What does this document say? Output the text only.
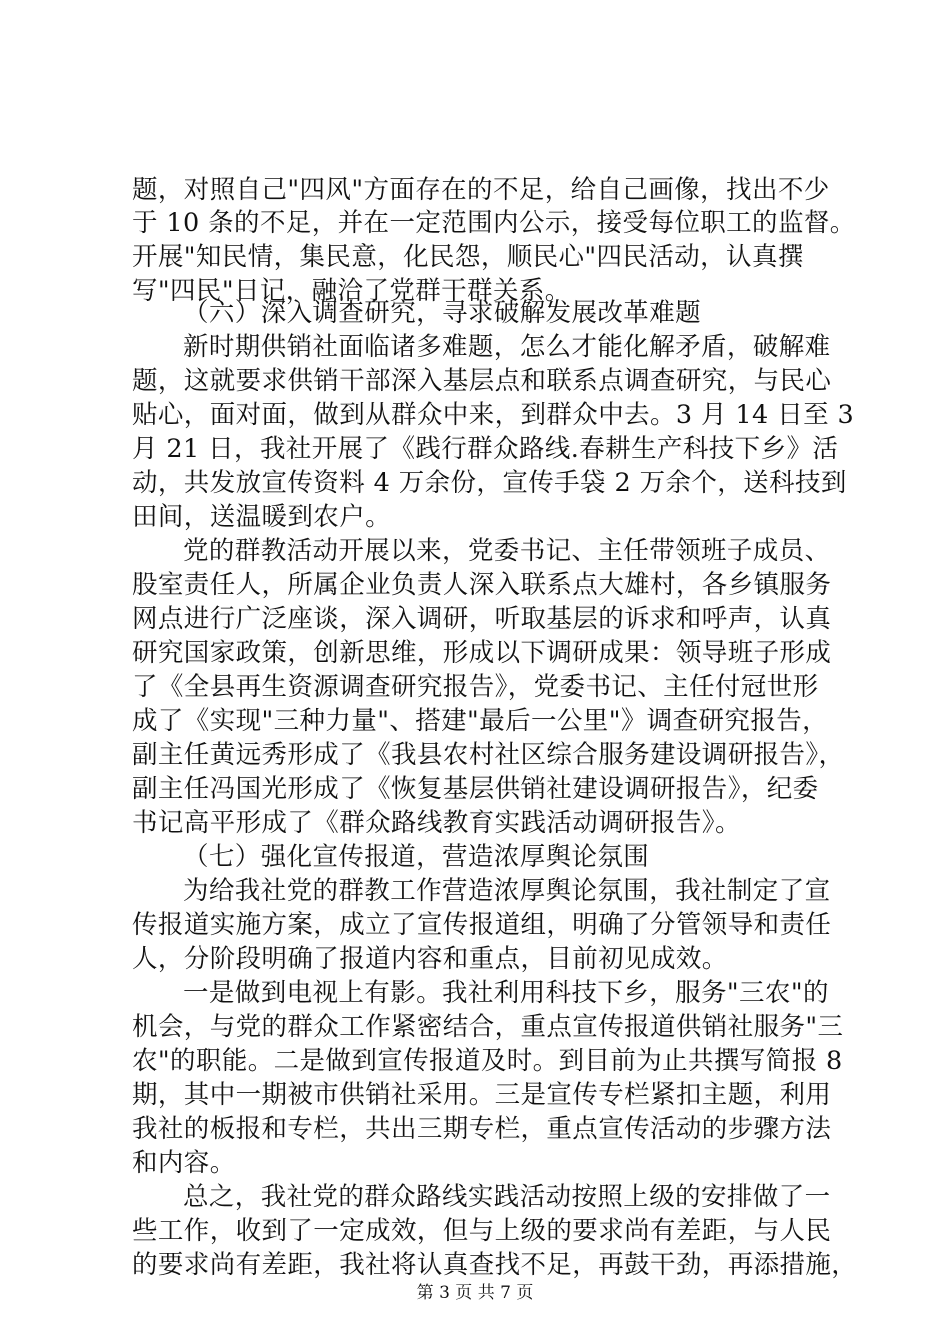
题，对照自己"四风"方面存在的不足，给自己画像，找出不少
于 10 条的不足，并在一定范围内公示，接受每位职工的监督。
开展"知民情，集民意，化民怨，顺民心"四民活动，认真撰
写"四民"日记，融洽了党群干群关系。
（六）深入调查研究，寻求破解发展改革难题
新时期供销社面临诸多难题，怎么才能化解矛盾，破解难
题，这就要求供销干部深入基层点和联系点调查研究，与民心
贴心，面对面，做到从群众中来，到群众中去。3 月 14 日至 3
月 21 日，我社开展了《践行群众路线.春耕生产科技下乡》活
动，共发放宣传资料 4 万余份，宣传手袋 2 万余个，送科技到
田间，送温暖到农户。
党的群教活动开展以来，党委书记、主任带领班子成员、
股室责任人，所属企业负责人深入联系点大雄村，各乡镇服务
网点进行广泛座谈，深入调研，听取基层的诉求和呼声，认真
研究国家政策，创新思维，形成以下调研成果：领导班子形成
了《全县再生资源调查研究报告》，党委书记、主任付冠世形
成了《实现"三种力量"、搭建"最后一公里"》调查研究报告，
副主任黄远秀形成了《我县农村社区综合服务建设调研报告》，
副主任冯国光形成了《恢复基层供销社建设调研报告》，纪委
书记高平形成了《群众路线教育实践活动调研报告》。
（七）强化宣传报道，营造浓厚舆论氛围
为给我社党的群教工作营造浓厚舆论氛围，我社制定了宣
传报道实施方案，成立了宣传报道组，明确了分管领导和责任
人，分阶段明确了报道内容和重点，目前初见成效。
一是做到电视上有影。我社利用科技下乡，服务"三农"的
机会，与党的群众工作紧密结合，重点宣传报道供销社服务"三
农"的职能。二是做到宣传报道及时。到目前为止共撰写简报 8
期，其中一期被市供销社采用。三是宣传专栏紧扣主题，利用
我社的板报和专栏，共出三期专栏，重点宣传活动的步骤方法
和内容。
总之，我社党的群众路线实践活动按照上级的安排做了一
些工作，收到了一定成效，但与上级的要求尚有差距，与人民
的要求尚有差距，我社将认真查找不足，再鼓干劲，再添措施，
第 3 页 共 7 页
